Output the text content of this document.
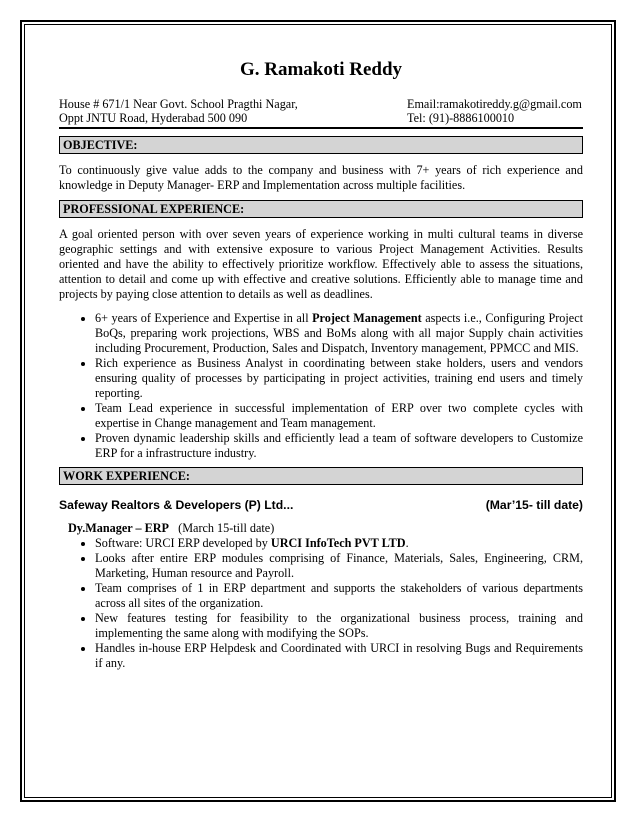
G. Ramakoti Reddy
House # 671/1 Near Govt. School Pragthi Nagar,
Oppt JNTU Road, Hyderabad 500 090
Email:ramakotireddy.g@gmail.com
Tel: (91)-8886100010
OBJECTIVE:

To continuously give value adds to the company and business with 7+ years of rich experience and knowledge in Deputy Manager- ERP and Implementation across multiple facilities.

PROFESSIONAL EXPERIENCE:

A goal oriented person with over seven years of experience working in multi cultural teams in diverse geographic settings and with extensive exposure to various Project Management Activities. Results oriented and have the ability to effectively prioritize workflow. Effectively able to assess the situations, attention to detail and come up with effective and creative solutions. Efficiently able to manage time and projects by paying close attention to details as well as deadlines.

• 6+ years of Experience and Expertise in all Project Management aspects i.e., Configuring Project BoQs, preparing work projections, WBS and BoMs along with all major Supply chain activities including Procurement, Production, Sales and Dispatch, Inventory management, PPMCC and MIS.
• Rich experience as Business Analyst in coordinating between stake holders, users and vendors ensuring quality of processes by participating in project activities, training end users and timely reporting.
• Team Lead experience in successful implementation of ERP over two complete cycles with expertise in Change management and Team management.
• Proven dynamic leadership skills and efficiently lead a team of software developers to Customize ERP for a infrastructure industry.
WORK EXPERIENCE:
Safeway Realtors & Developers (P) Ltd...	(Mar’15- till date)
Dy.Manager – ERP (March 15-till date)
• Software: URCI ERP developed by URCI InfoTech PVT LTD.
• Looks after entire ERP modules comprising of Finance, Materials, Sales, Engineering, CRM, Marketing, Human resource and Payroll.
• Team comprises of 1 in ERP department and supports the stakeholders of various departments across all sites of the organization.
• New features testing for feasibility to the organizational business process, training and implementing the same along with modifying the SOPs.
• Handles in-house ERP Helpdesk and Coordinated with URCI in resolving Bugs and Requirements if any.
